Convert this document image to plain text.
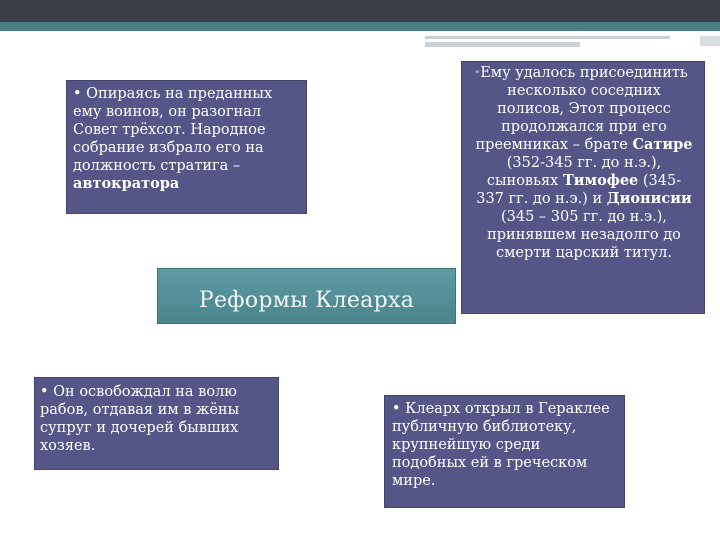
• Опираясь на преданных ему воинов, он разогнал Совет трёхсот. Народное собрание избрало его на должность стратига – автократора
Реформы Клеарха
• Он освобождал на волю рабов, отдавая им в жёны супруг и дочерей бывших хозяев.
• Клеарх открыл в Гераклее публичную библиотеку, крупнейшую среди подобных ей в греческом мире.
• Ему удалось присоединить несколько соседних полисов, Этот процесс продолжался при его преемниках – брате Сатире (352-345 гг. до н.э.), сыновьях Тимофее (345-337 гг. до н.э.) и Дионисии (345 – 305 гг. до н.э.), принявшем незадолго до смерти царский титул.
